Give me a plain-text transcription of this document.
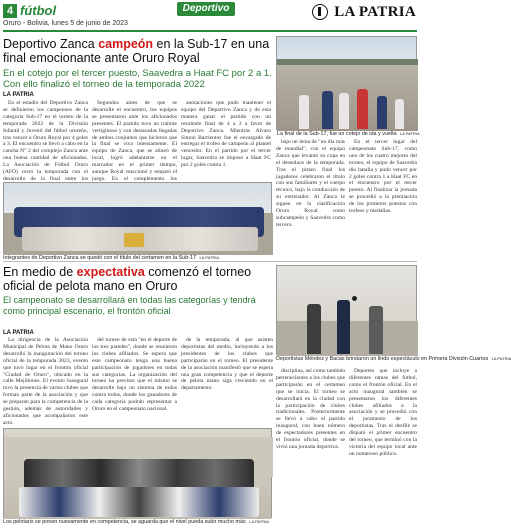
4 fútbol
Oruro - Bolivia, lunes 5 de junio de 2023
Deportivo	LA PATRIA
Deportivo Zanca campeón en la Sub-17 en una final emocionante ante Oruro Royal
En el cotejo por el tercer puesto, Saavedra a Haat FC por 2 a 1. Con ello finalizó el torneo de la temporada 2022
LA PATRIA

En el estadio del Deportivo Zanca se definieron los campeones de la categoría Sub-17 en el torneo de la temporada 2022 de la División Infantil y Juvenil del fútbol orureño, tras vencer a Oruro Royal por 4 goles a 3. El encuentro se llevó a cabo en la cancha N° 2 del complejo Zanca ante una buena cantidad de aficionados. La Asociación de Fútbol Oruro (AFO) cerró la temporada con el desarrollo de la final entre los

Segundos antes de que se desarrolle el encuentro, los equipos se presentaron ante los aficionados presentes. El partido tuvo un trámite vertiginoso y con destacadas llegadas de ambos conjuntos que hicieron que la final se viva intensamente. El equipo de Zanca, que se alineó de local, logró adelantarse en el marcador en el primer tiempo, aunque Royal reaccionó y empató el juego. En el complemento los

anotaciones que pudo mantener el equipo del Deportivo Zanca y de esta manera ganar el partido con un resultado final de 4 a 3 a favor de Deportivo Zanca. Mientras Alvaro Simon Barrientos fue el encargado de entregar el trofeo de campeón al plantel vencedor. En el partido por el tercer lugar, Saavedra se impuso a Haat FC por 2 goles contra 1.

La final de la Sub-17, fue un cotejo de ida y vuelta LA PATRIA

bajo un lema de "un día más de mundial", con el equipo Zanca que levantó su copa en el desenlace de la temporada. Tras el pitazo final los jugadores celebraron el título con sus familiares y el cuerpo técnico, bajo la conducción de su entrenador. Al Zanca le siguen en la clasificación Oruro Royal como subcampeón y Saavedra como tercero.

En el tercer lugar del campeonato Sub-17, como uno de los cuatro mejores del torneo, el equipo de Saavedra dio batalla y pudo vencer por 2 goles contra 1 a Haat FC en el encuentro por el tercer puesto. Al finalizar la jornada se procedió a la premiación de los primeros puestos con trofeos y medallas.

Integrantes de Deportivo Zanca se quedó con el título del certamen en la Sub-17 LA PATRIA
En medio de expectativa comenzó el torneo oficial de pelota mano en Oruro
El campeonato se desarrollará en todas las categorías y tendrá como principal escenario, el frontón oficial
LA PATRIA

La dirigencia de la Asociación Municipal de Pelota de Mano Oruro desarrolló la inauguración del torneo oficial de la temporada 2023, evento que tuvo lugar en el frontón oficial "Ciudad de Oruro", ubicado en la calle Mejillones. El evento inaugural tuvo la presencia de varios clubes que forman parte de la asociación y que se preparan para la competencia de la gestión, además de autoridades y aficionados que acompañaron este acto.

del torneo de esta "en el deporte de los tres paredes", donde se reunieron los clubes afiliados. Se espera que este campeonato tenga una buena participación de jugadores en todas sus categorías. La organización del torneo ha previsto que el mismo se desarrolle bajo un sistema de todos contra todos, donde los ganadores de cada categoría podrán representar a Oruro en el campeonato nacional.

de la temporada, al que asisten deportistas del medio, incluyendo a los presidentes de los clubes que participarán en el torneo. El presidente de la asociación manifestó que se espera una gran competencia y que el deporte de pelota mano siga creciendo en el departamento.

Deportistas Méndez y Bacas brindaron un lindo espectáculo en Primera División Cuartos LA PATRIA

disciplina, así como también pertenecientes a los clubes que participarán en el certamen que se inicia. El torneo se desarrollará en la ciudad con la participación de clubes tradicionales. Posteriormente se llevó a cabo el partido inaugural, con buen número de espectadores presentes en el frontón oficial, donde se vivió una jornada deportiva.

Deportes que incluye a diferentes ramas del fútbol, como el frontón oficial. En el acto inaugural también se presentaron los diferentes clubes afiliados a la asociación y se procedió con el juramento de los deportistas. Tras el desfile se disputó el primer encuentro del torneo, que terminó con la victoria del equipo local ante un numeroso público.

Los pelotaris se ponen nuevamente en competencia, se aguarda que el nivel pueda subir mucho más LA PATRIA
